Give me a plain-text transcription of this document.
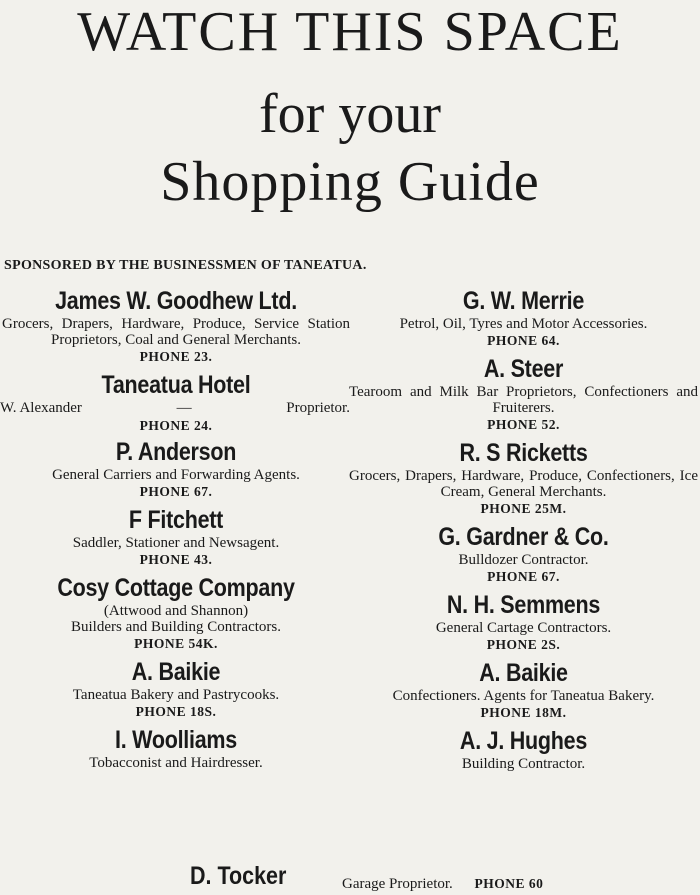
WATCH THIS SPACE
for your
Shopping Guide
SPONSORED BY THE BUSINESSMEN OF TANEATUA.
James W. Goodhew Ltd.
Grocers, Drapers, Hardware, Produce, Service Station Proprietors, Coal and General Merchants.
PHONE 23.
Taneatua Hotel
W. Alexander	—	Proprietor.
PHONE 24.
P. Anderson
General Carriers and Forwarding Agents.
PHONE 67.
F Fitchett
Saddler, Stationer and Newsagent.
PHONE 43.
Cosy Cottage Company
(Attwood and Shannon)
Builders and Building Contractors.
PHONE 54K.
A. Baikie
Taneatua Bakery and Pastrycooks.
PHONE 18S.
I. Woolliams
Tobacconist and Hairdresser.
G. W. Merrie
Petrol, Oil, Tyres and Motor Accessories.
PHONE 64.
A. Steer
Tearoom and Milk Bar Proprietors, Confectioners and Fruiterers.
PHONE 52.
R. S Ricketts
Grocers, Drapers, Hardware, Produce, Confectioners, Ice Cream, General Merchants.
PHONE 25M.
G. Gardner & Co.
Bulldozer Contractor.
PHONE 67.
N. H. Semmens
General Cartage Contractors.
PHONE 2S.
A. Baikie
Confectioners. Agents for Taneatua Bakery.
PHONE 18M.
A. J. Hughes
Building Contractor.
D. Tocker	Garage Proprietor. PHONE 60
